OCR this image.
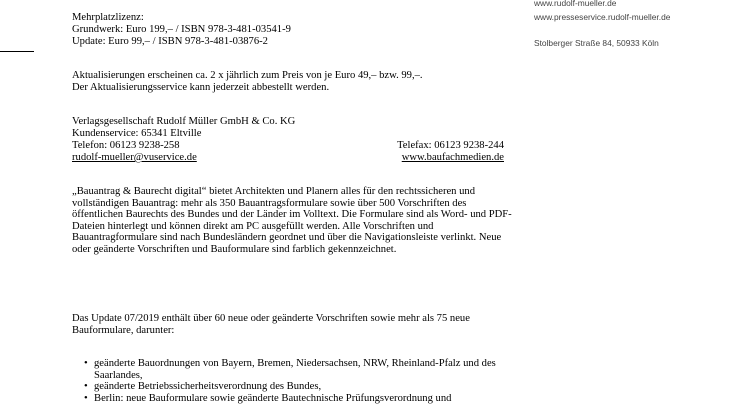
www.rudolf-mueller.de
www.presseservice.rudolf-mueller.de
Stolberger Straße 84, 50933 Köln
Mehrplatzlizenz:
Grundwerk: Euro 199,– / ISBN 978-3-481-03541-9
Update: Euro 99,– / ISBN 978-3-481-03876-2
Aktualisierungen erscheinen ca. 2 x jährlich zum Preis von je Euro 49,– bzw. 99,–.
Der Aktualisierungsservice kann jederzeit abbestellt werden.
Verlagsgesellschaft Rudolf Müller GmbH & Co. KG
Kundenservice: 65341 Eltville
Telefon: 06123 9238-258	Telefax: 06123 9238-244
rudolf-mueller@vuservice.de	www.baufachmedien.de
„Bauantrag & Baurecht digital“ bietet Architekten und Planern alles für den rechtssicheren und vollständigen Bauantrag: mehr als 350 Bauantragsformulare sowie über 500 Vorschriften des öffentlichen Baurechts des Bundes und der Länder im Volltext. Die Formulare sind als Word- und PDF-Dateien hinterlegt und können direkt am PC ausgefüllt werden. Alle Vorschriften und Bauantragformulare sind nach Bundesländern geordnet und über die Navigationsleiste verlinkt. Neue oder geänderte Vorschriften und Bauformulare sind farblich gekennzeichnet.
Das Update 07/2019 enthält über 60 neue oder geänderte Vorschriften sowie mehr als 75 neue Bauformulare, darunter:
• geänderte Bauordnungen von Bayern, Bremen, Niedersachsen, NRW, Rheinland-Pfalz und des Saarlandes,
• geänderte Betriebssicherheitsverordnung des Bundes,
• Berlin: neue Bauformulare sowie geänderte Bautechnische Prüfungsverordnung und
